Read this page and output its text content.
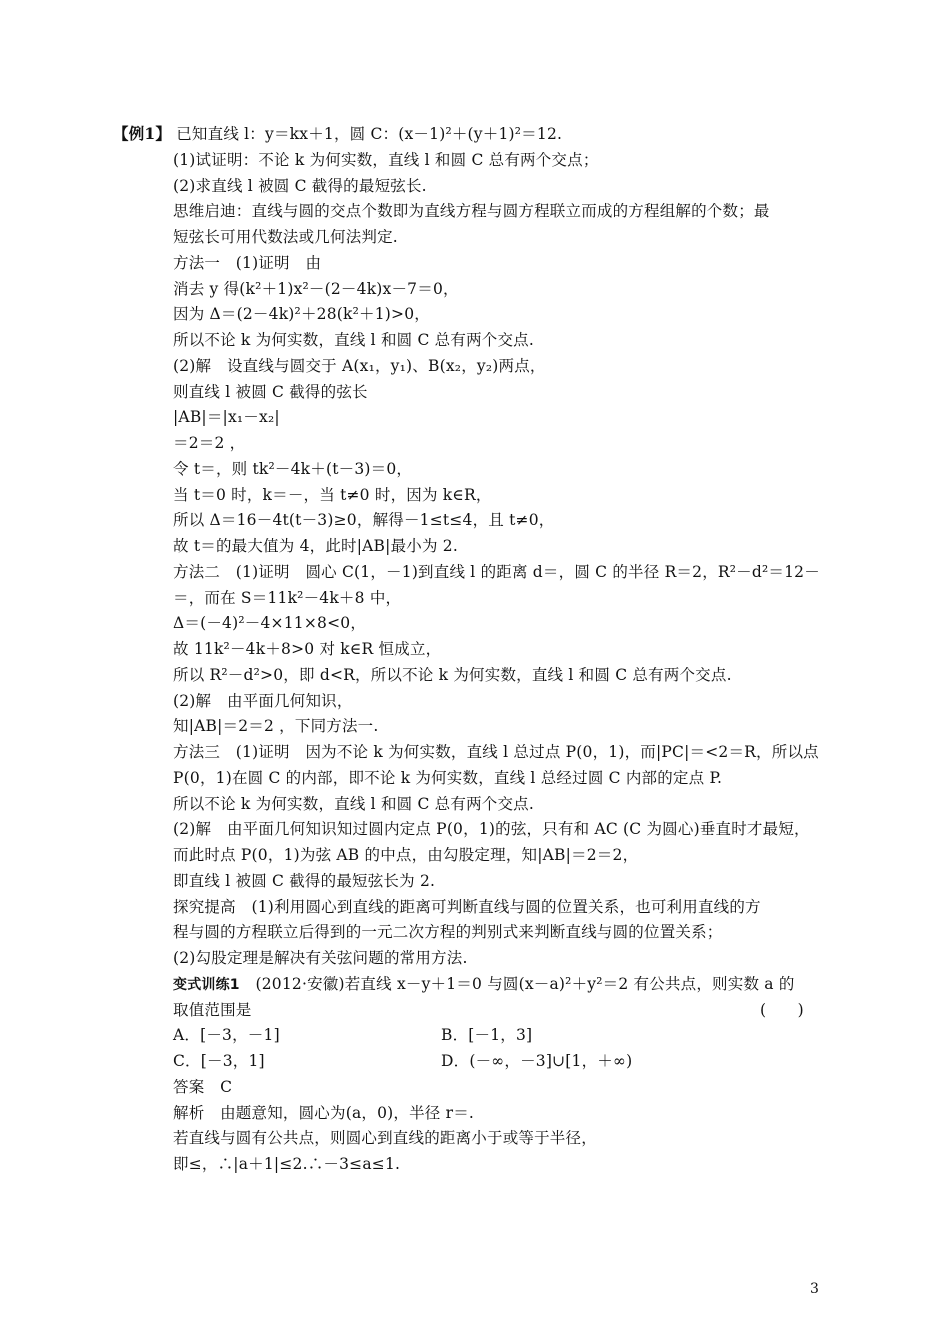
【例1】 已知直线 l：y＝kx＋1，圆 C：(x－1)²＋(y＋1)²＝12.
(1)试证明：不论 k 为何实数，直线 l 和圆 C 总有两个交点；
(2)求直线 l 被圆 C 截得的最短弦长.
思维启迪：直线与圆的交点个数即为直线方程与圆方程联立而成的方程组解的个数；最
短弦长可用代数法或几何法判定.
方法一　(1)证明　由
消去 y 得(k²＋1)x²－(2－4k)x－7＝0，
因为 Δ＝(2－4k)²＋28(k²＋1)>0，
所以不论 k 为何实数，直线 l 和圆 C 总有两个交点.
(2)解　设直线与圆交于 A(x₁，y₁)、B(x₂，y₂)两点，
则直线 l 被圆 C 截得的弦长
|AB|＝|x₁－x₂|
＝2＝2 ，
令 t＝，则 tk²－4k＋(t－3)＝0，
当 t＝0 时，k＝－，当 t≠0 时，因为 k∈R，
所以 Δ＝16－4t(t－3)≥0，解得－1≤t≤4，且 t≠0，
故 t＝的最大值为 4，此时|AB|最小为 2.
方法二　(1)证明　圆心 C(1，－1)到直线 l 的距离 d＝，圆 C 的半径 R＝2，R²－d²＝12－
＝，而在 S＝11k²－4k＋8 中，
Δ＝(－4)²－4×11×8<0，
故 11k²－4k＋8>0 对 k∈R 恒成立，
所以 R²－d²>0，即 d<R，所以不论 k 为何实数，直线 l 和圆 C 总有两个交点.
(2)解　由平面几何知识，
知|AB|＝2＝2 ，下同方法一.
方法三　(1)证明　因为不论 k 为何实数，直线 l 总过点 P(0，1)，而|PC|＝<2＝R，所以点
P(0，1)在圆 C 的内部，即不论 k 为何实数，直线 l 总经过圆 C 内部的定点 P.
所以不论 k 为何实数，直线 l 和圆 C 总有两个交点.
(2)解　由平面几何知识知过圆内定点 P(0，1)的弦，只有和 AC (C 为圆心)垂直时才最短，
而此时点 P(0，1)为弦 AB 的中点，由勾股定理，知|AB|＝2＝2，
即直线 l 被圆 C 截得的最短弦长为 2.
探究提高　(1)利用圆心到直线的距离可判断直线与圆的位置关系，也可利用直线的方
程与圆的方程联立后得到的一元二次方程的判别式来判断直线与圆的位置关系；
(2)勾股定理是解决有关弦问题的常用方法.
变式训练1　(2012·安徽)若直线 x－y＋1＝0 与圆(x－a)²＋y²＝2 有公共点，则实数 a 的
取值范围是	(　　)
A．[－3，－1]	B．[－1，3]
C．[－3，1]	D．(－∞，－3]∪[1，＋∞)
答案　C
解析　由题意知，圆心为(a，0)，半径 r＝.
若直线与圆有公共点，则圆心到直线的距离小于或等于半径，
即≤，∴|a＋1|≤2.∴－3≤a≤1.
3
